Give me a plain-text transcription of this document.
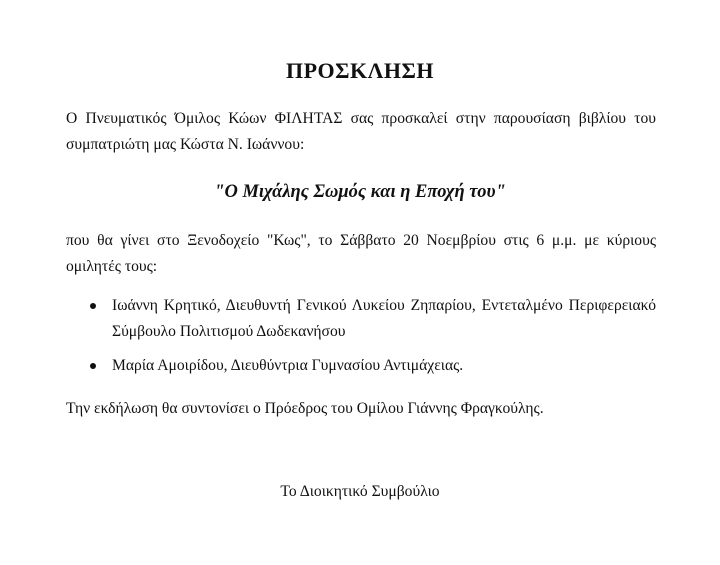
ΠΡΟΣΚΛΗΣΗ
Ο Πνευματικός Όμιλος Κώων ΦΙΛΗΤΑΣ σας προσκαλεί στην παρουσίαση βιβλίου του συμπατριώτη μας Κώστα Ν. Ιωάννου:
"Ο Μιχάλης Σωμός και η Εποχή του"
που θα γίνει στο Ξενοδοχείο "Κως", το Σάββατο 20 Νοεμβρίου στις 6 μ.μ. με κύριους ομιλητές τους:
Ιωάννη Κρητικό, Διευθυντή Γενικού Λυκείου Ζηπαρίου, Εντεταλμένο Περιφερειακό Σύμβουλο Πολιτισμού Δωδεκανήσου
Μαρία Αμοιρίδου, Διευθύντρια Γυμνασίου Αντιμάχειας.
Την εκδήλωση θα συντονίσει ο Πρόεδρος του Ομίλου Γιάννης Φραγκούλης.
Το Διοικητικό Συμβούλιο
